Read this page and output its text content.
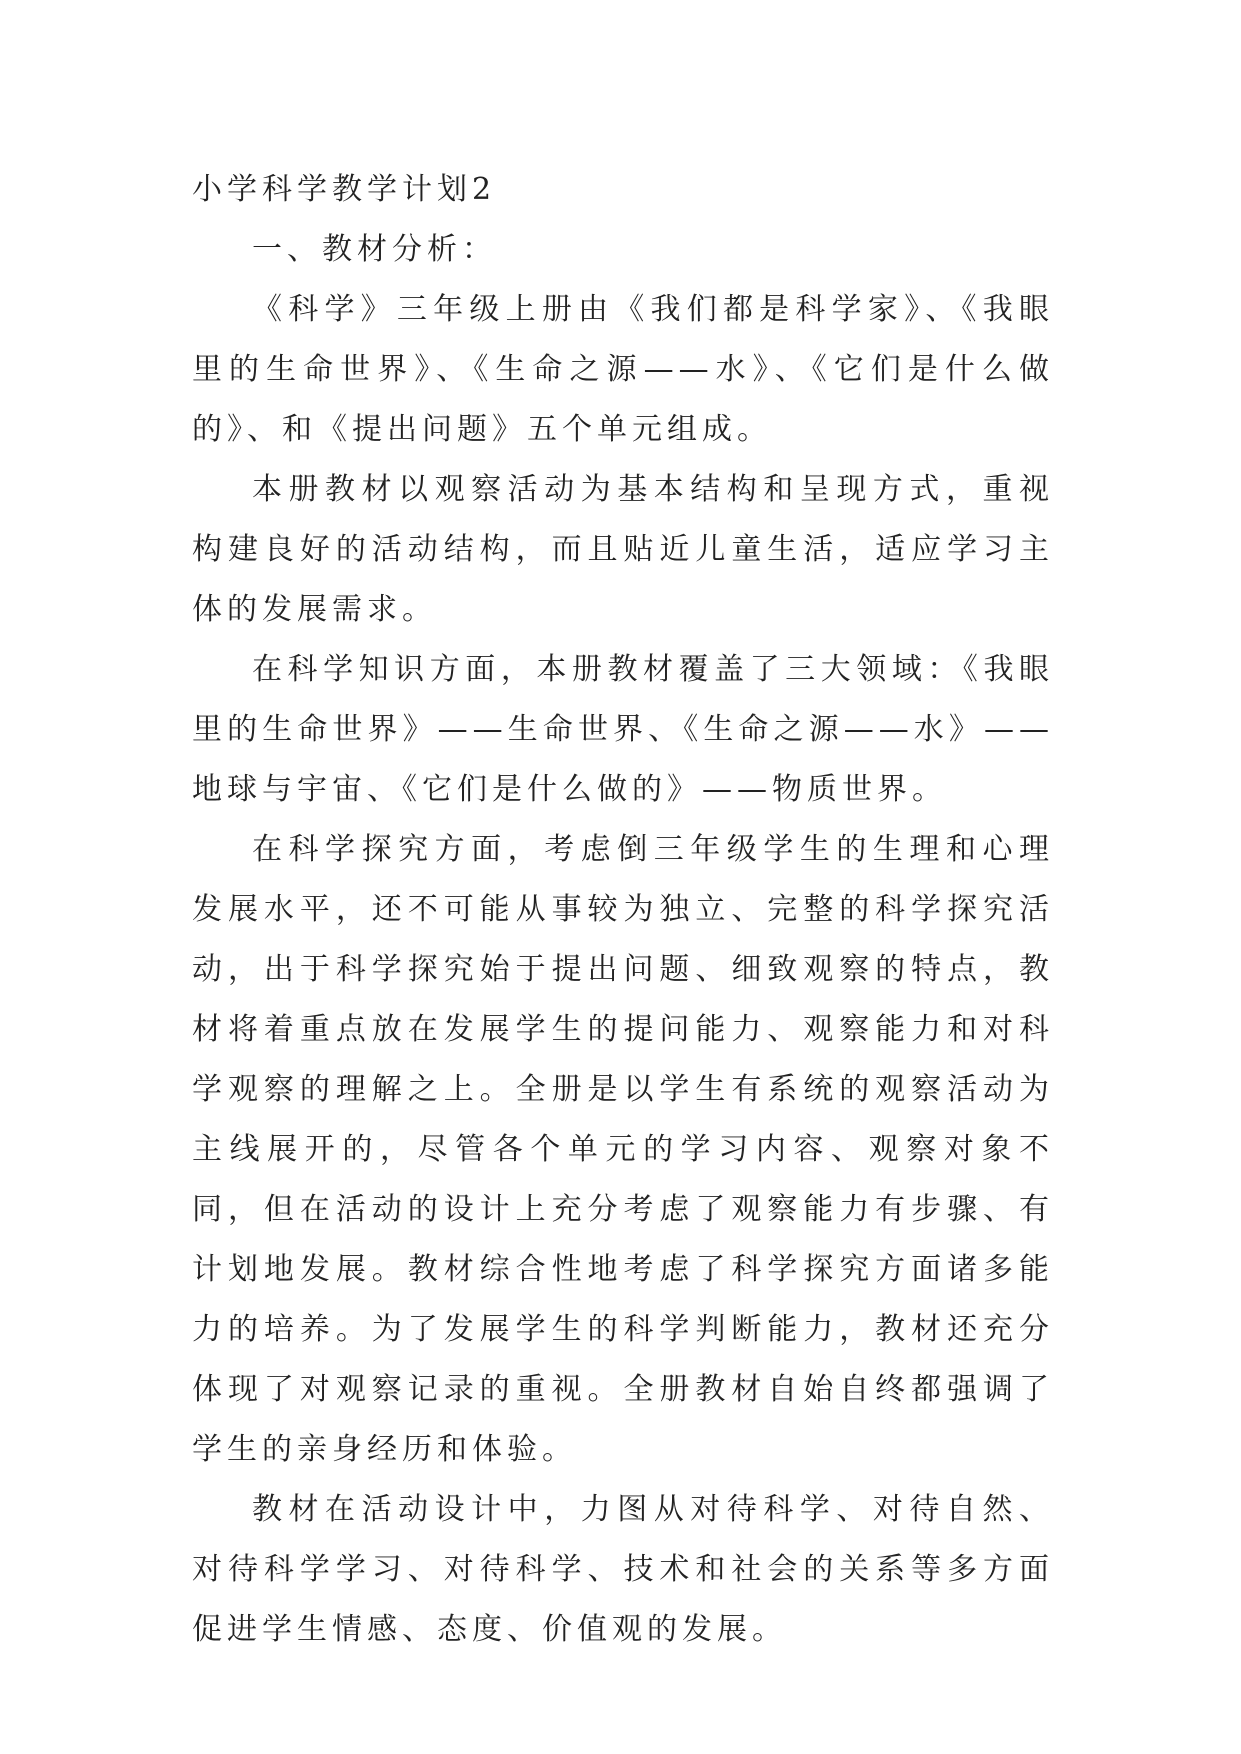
小学科学教学计划2
一、教材分析：

《科学》三年级上册由《我们都是科学家》、《我眼里的生命世界》、《生命之源——水》、《它们是什么做的》、和《提出问题》五个单元组成。

本册教材以观察活动为基本结构和呈现方式，重视构建良好的活动结构，而且贴近儿童生活，适应学习主体的发展需求。

在科学知识方面，本册教材覆盖了三大领域：《我眼里的生命世界》——生命世界、《生命之源——水》——地球与宇宙、《它们是什么做的》——物质世界。

在科学探究方面，考虑倒三年级学生的生理和心理发展水平，还不可能从事较为独立、完整的科学探究活动，出于科学探究始于提出问题、细致观察的特点，教材将着重点放在发展学生的提问能力、观察能力和对科学观察的理解之上。全册是以学生有系统的观察活动为主线展开的，尽管各个单元的学习内容、观察对象不同，但在活动的设计上充分考虑了观察能力有步骤、有计划地发展。教材综合性地考虑了科学探究方面诸多能力的培养。为了发展学生的科学判断能力，教材还充分体现了对观察记录的重视。全册教材自始自终都强调了学生的亲身经历和体验。

教材在活动设计中，力图从对待科学、对待自然、对待科学学习、对待科学、技术和社会的关系等多方面促进学生情感、态度、价值观的发展。
